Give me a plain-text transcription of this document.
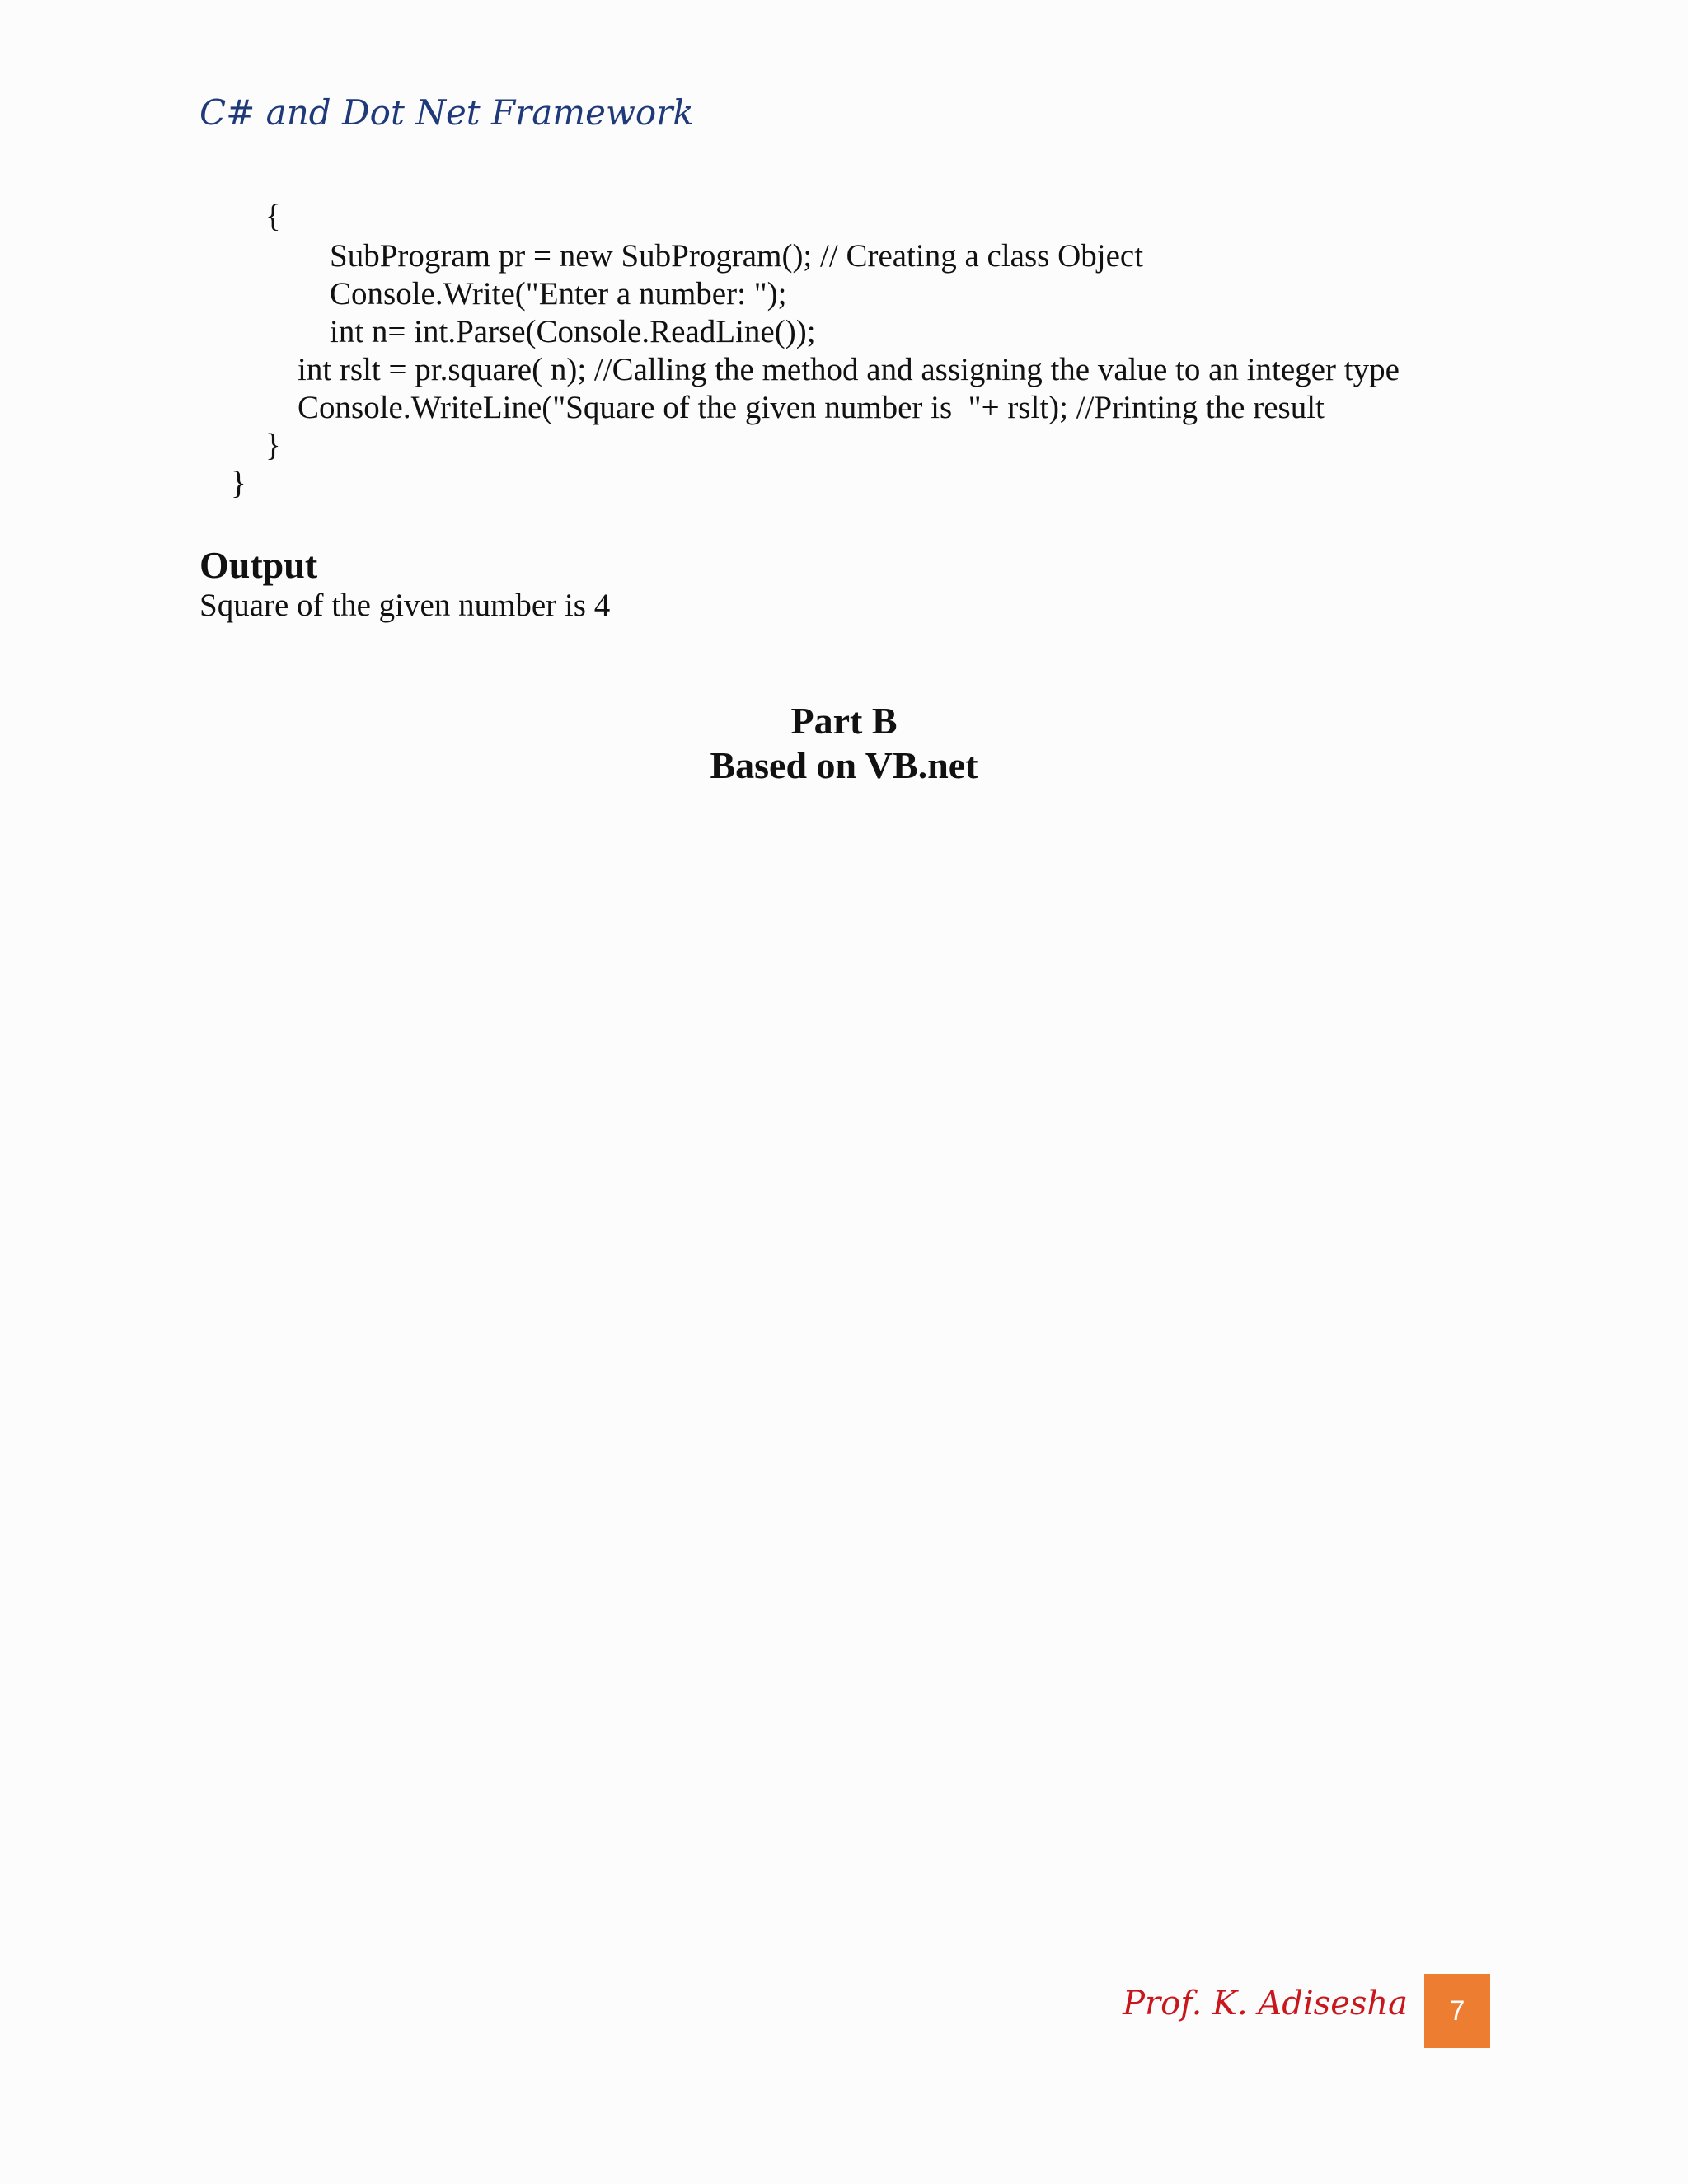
C# and Dot Net Framework
{
SubProgram pr = new SubProgram(); // Creating a class Object
Console.Write("Enter a number: ");
int n= int.Parse(Console.ReadLine());
int rslt = pr.square( n); //Calling the method and assigning the value to an integer type
Console.WriteLine("Square of the given number is  "+ rslt); //Printing the result
}
}
Output
Square of the given number is 4
Part B
Based on VB.net
Prof. K. Adisesha 7
